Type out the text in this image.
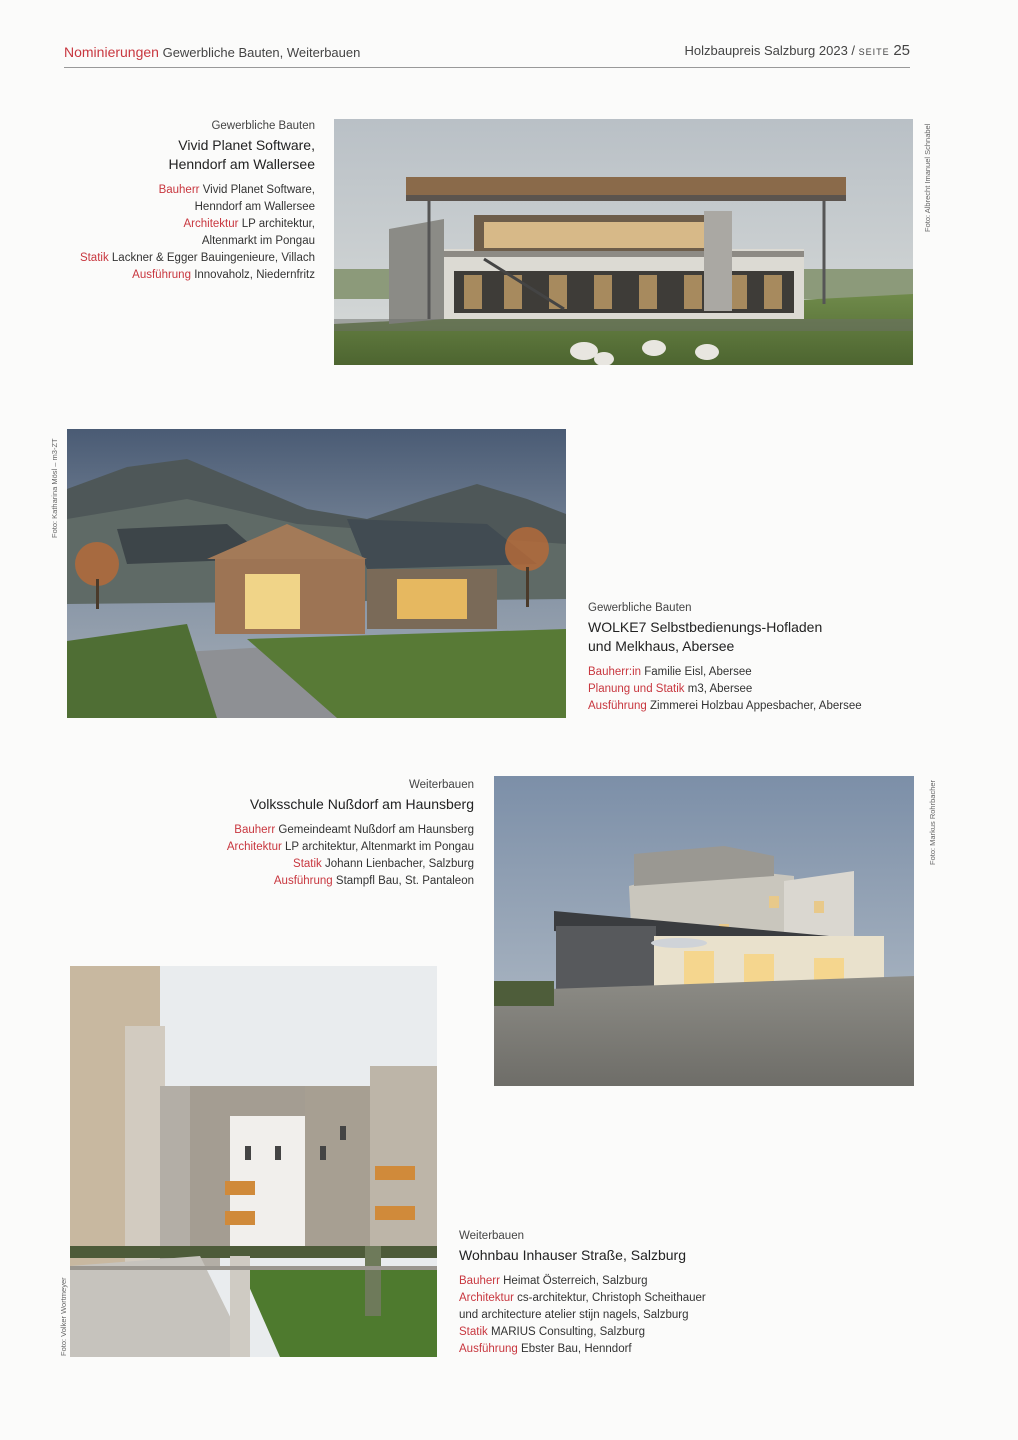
Nominierungen Gewerbliche Bauten, Weiterbauen	Holzbaupreis Salzburg 2023 / SEITE 25
Gewerbliche Bauten
Vivid Planet Software,
Henndorf am Wallersee
Bauherr Vivid Planet Software,
Henndorf am Wallersee
Architektur LP architektur,
Altenmarkt im Pongau
Statik Lackner & Egger Bauingenieure, Villach
Ausführung Innovaholz, Niedernfritz
Foto: Albrecht Imanuel Schnabel
Foto: Katharina Mösl – m3-ZT
Gewerbliche Bauten
WOLKE7 Selbstbedienungs-Hofladen
und Melkhaus, Abersee
Bauherr:in Familie Eisl, Abersee
Planung und Statik m3, Abersee
Ausführung Zimmerei Holzbau Appesbacher, Abersee
Weiterbauen
Volksschule Nußdorf am Haunsberg
Bauherr Gemeindeamt Nußdorf am Haunsberg
Architektur LP architektur, Altenmarkt im Pongau
Statik Johann Lienbacher, Salzburg
Ausführung Stampfl Bau, St. Pantaleon
Foto: Markus Rohrbacher
Foto: Volker Wortmeyer
Weiterbauen
Wohnbau Inhauser Straße, Salzburg
Bauherr Heimat Österreich, Salzburg
Architektur cs-architektur, Christoph Scheithauer
und architecture atelier stijn nagels, Salzburg
Statik MARIUS Consulting, Salzburg
Ausführung Ebster Bau, Henndorf
